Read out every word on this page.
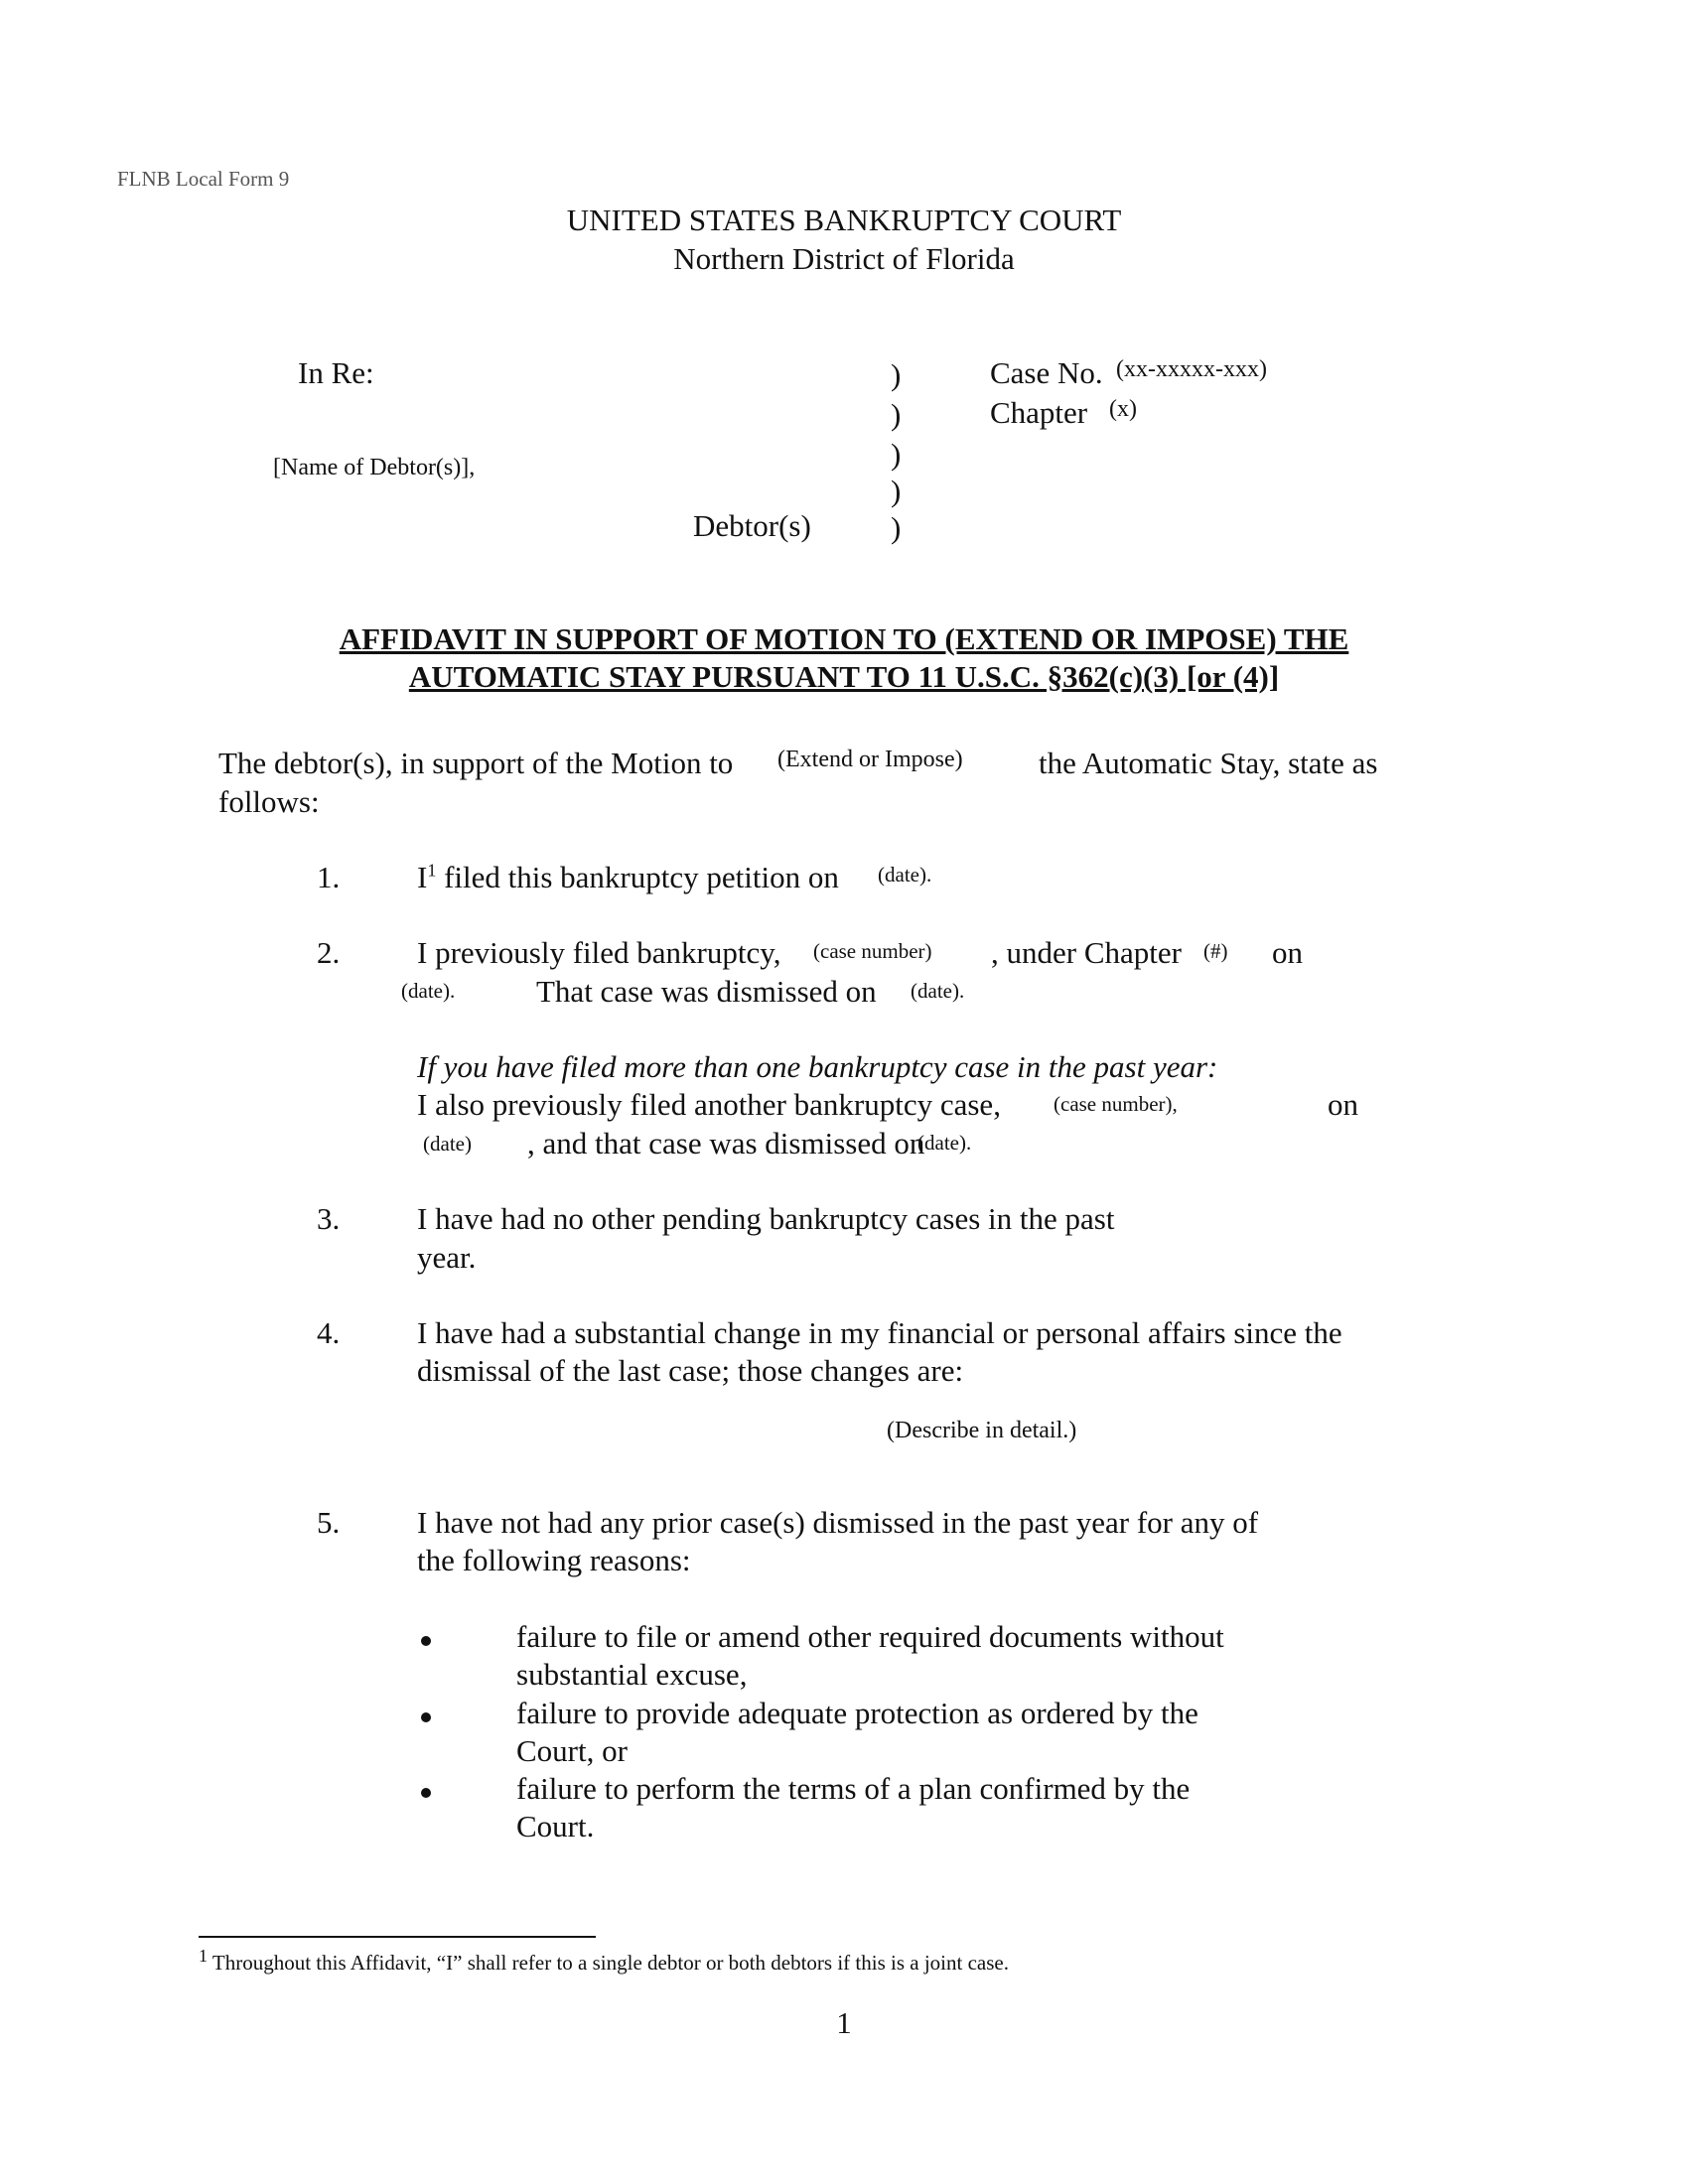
FLNB Local Form 9
UNITED STATES BANKRUPTCY COURT
Northern District of Florida
In Re:
[Name of Debtor(s)],
Debtor(s)
)
)
)
)
)
Case No. (xx-xxxxx-xxx)
Chapter (x)
AFFIDAVIT IN SUPPORT OF MOTION TO (EXTEND OR IMPOSE) THE
AUTOMATIC STAY PURSUANT TO 11 U.S.C. §362(c)(3) [or (4)]
The debtor(s), in support of the Motion to (Extend or Impose) the Automatic Stay, state as
follows:
1.	$I^1$ filed this bankruptcy petition on (date).
2.	I previously filed bankruptcy, (case number) , under Chapter (#) on
(date).	That case was dismissed on (date).
If you have filed more than one bankruptcy case in the past year:
I also previously filed another bankruptcy case,	(case number),	on
(date) , and that case was dismissed on
(date).
3.	I have had no other pending bankruptcy cases in the past
year.
4.	I have had a substantial change in my financial or personal affairs since the
dismissal of the last case; those changes are:
(Describe in detail.)
5.	I have not had any prior case(s) dismissed in the past year for any of
the following reasons:
failure to file or amend other required documents without
substantial excuse,
failure to provide adequate protection as ordered by the
Court, or
failure to perform the terms of a plan confirmed by the
Court.
$^1$ Throughout this Affidavit, “I” shall refer to a single debtor or both debtors if this is a joint case.
1
